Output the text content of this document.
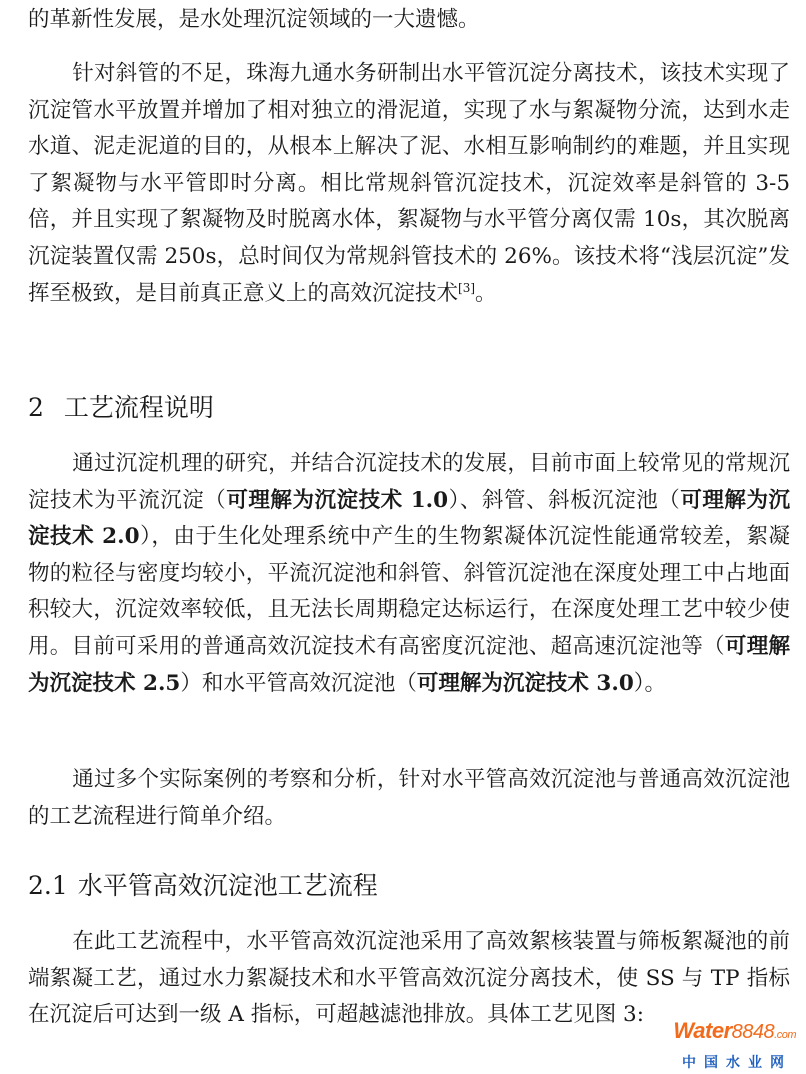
的革新性发展，是水处理沉淀领域的一大遗憾。

针对斜管的不足，珠海九通水务研制出水平管沉淀分离技术，该技术实现了沉淀管水平放置并增加了相对独立的滑泥道，实现了水与絮凝物分流，达到水走水道、泥走泥道的目的，从根本上解决了泥、水相互影响制约的难题，并且实现了絮凝物与水平管即时分离。相比常规斜管沉淀技术，沉淀效率是斜管的 3-5 倍，并且实现了絮凝物及时脱离水体，絮凝物与水平管分离仅需 10s，其次脱离沉淀装置仅需 250s，总时间仅为常规斜管技术的 26%。该技术将“浅层沉淀”发挥至极致，是目前真正意义上的高效沉淀技术[3]。

2 工艺流程说明

通过沉淀机理的研究，并结合沉淀技术的发展，目前市面上较常见的常规沉淀技术为平流沉淀（可理解为沉淀技术 1.0）、斜管、斜板沉淀池（可理解为沉淀技术 2.0），由于生化处理系统中产生的生物絮凝体沉淀性能通常较差，絮凝物的粒径与密度均较小，平流沉淀池和斜管、斜管沉淀池在深度处理工中占地面积较大，沉淀效率较低，且无法长周期稳定达标运行，在深度处理工艺中较少使用。目前可采用的普通高效沉淀技术有高密度沉淀池、超高速沉淀池等（可理解为沉淀技术 2.5）和水平管高效沉淀池（可理解为沉淀技术 3.0）。

通过多个实际案例的考察和分析，针对水平管高效沉淀池与普通高效沉淀池的工艺流程进行简单介绍。

2.1 水平管高效沉淀池工艺流程

在此工艺流程中，水平管高效沉淀池采用了高效絮核装置与筛板絮凝池的前端絮凝工艺，通过水力絮凝技术和水平管高效沉淀分离技术，使 SS 与 TP 指标在沉淀后可达到一级 A 指标，可超越滤池排放。具体工艺见图 3:

Water8848.com
中国水业网
